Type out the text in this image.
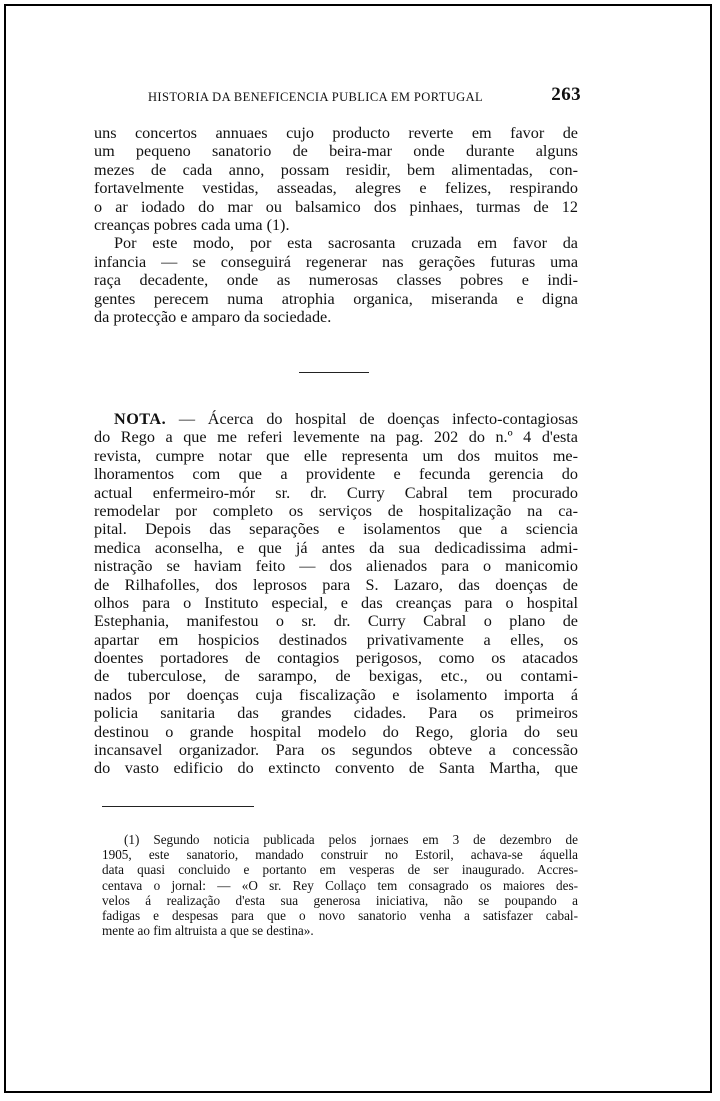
HISTORIA DA BENEFICENCIA PUBLICA EM PORTUGAL	263
uns concertos annuaes cujo producto reverte em favor de
um pequeno sanatorio de beira-mar onde durante alguns
mezes de cada anno, possam residir, bem alimentadas, con-
fortavelmente vestidas, asseadas, alegres e felizes, respirando
o ar iodado do mar ou balsamico dos pinhaes, turmas de 12
creanças pobres cada uma (1).
Por este modo, por esta sacrosanta cruzada em favor da
infancia — se conseguirá regenerar nas gerações futuras uma
raça decadente, onde as numerosas classes pobres e indi-
gentes perecem numa atrophia organica, miseranda e digna
da protecção e amparo da sociedade.
NOTA. — Ácerca do hospital de doenças infecto-contagiosas
do Rego a que me referi levemente na pag. 202 do n.º 4 d'esta
revista, cumpre notar que elle representa um dos muitos me-
lhoramentos com que a providente e fecunda gerencia do
actual enfermeiro-mór sr. dr. Curry Cabral tem procurado
remodelar por completo os serviços de hospitalização na ca-
pital. Depois das separações e isolamentos que a sciencia
medica aconselha, e que já antes da sua dedicadissima admi-
nistração se haviam feito — dos alienados para o manicomio
de Rilhafolles, dos leprosos para S. Lazaro, das doenças de
olhos para o Instituto especial, e das creanças para o hospital
Estephania, manifestou o sr. dr. Curry Cabral o plano de
apartar em hospicios destinados privativamente a elles, os
doentes portadores de contagios perigosos, como os atacados
de tuberculose, de sarampo, de bexigas, etc., ou contami-
nados por doenças cuja fiscalização e isolamento importa á
policia sanitaria das grandes cidades. Para os primeiros
destinou o grande hospital modelo do Rego, gloria do seu
incansavel organizador. Para os segundos obteve a concessão
do vasto edificio do extincto convento de Santa Martha, que
(1) Segundo noticia publicada pelos jornaes em 3 de dezembro de
1905, este sanatorio, mandado construir no Estoril, achava-se áquella
data quasi concluido e portanto em vesperas de ser inaugurado. Accres-
centava o jornal: — «O sr. Rey Collaço tem consagrado os maiores des-
velos á realização d'esta sua generosa iniciativa, não se poupando a
fadigas e despesas para que o novo sanatorio venha a satisfazer cabal-
mente ao fim altruista a que se destina».
